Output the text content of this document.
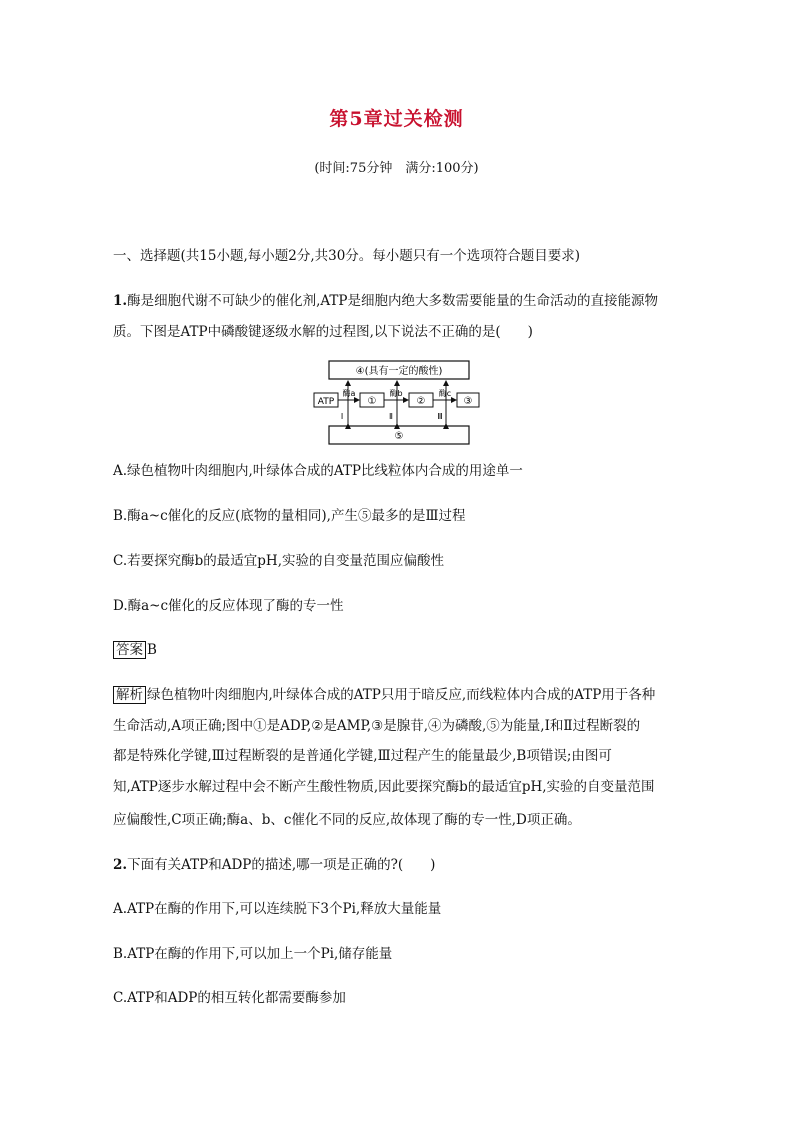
第5章过关检测
(时间:75分钟　满分:100分)
一、选择题(共15小题,每小题2分,共30分。每小题只有一个选项符合题目要求)
1.酶是细胞代谢不可缺少的催化剂,ATP是细胞内绝大多数需要能量的生命活动的直接能源物
质。下图是ATP中磷酸键逐级水解的过程图,以下说法不正确的是(　　)
④(具有一定的酸性)
⑤
ATP	①	②	③
酶a	酶b	酶c
Ⅰ	Ⅱ	Ⅲ
A.绿色植物叶肉细胞内,叶绿体合成的ATP比线粒体内合成的用途单一
B.酶a~c催化的反应(底物的量相同),产生⑤最多的是Ⅲ过程
C.若要探究酶b的最适宜pH,实验的自变量范围应偏酸性
D.酶a~c催化的反应体现了酶的专一性
答案 B
解析 绿色植物叶肉细胞内,叶绿体合成的ATP只用于暗反应,而线粒体内合成的ATP用于各种
生命活动,A项正确;图中①是ADP,②是AMP,③是腺苷,④为磷酸,⑤为能量,Ⅰ和Ⅱ过程断裂的
都是特殊化学键,Ⅲ过程断裂的是普通化学键,Ⅲ过程产生的能量最少,B项错误;由图可
知,ATP逐步水解过程中会不断产生酸性物质,因此要探究酶b的最适宜pH,实验的自变量范围
应偏酸性,C项正确;酶a、b、c催化不同的反应,故体现了酶的专一性,D项正确。
2.下面有关ATP和ADP的描述,哪一项是正确的?(　　)
A.ATP在酶的作用下,可以连续脱下3个Pi,释放大量能量
B.ATP在酶的作用下,可以加上一个Pi,储存能量
C.ATP和ADP的相互转化都需要酶参加
